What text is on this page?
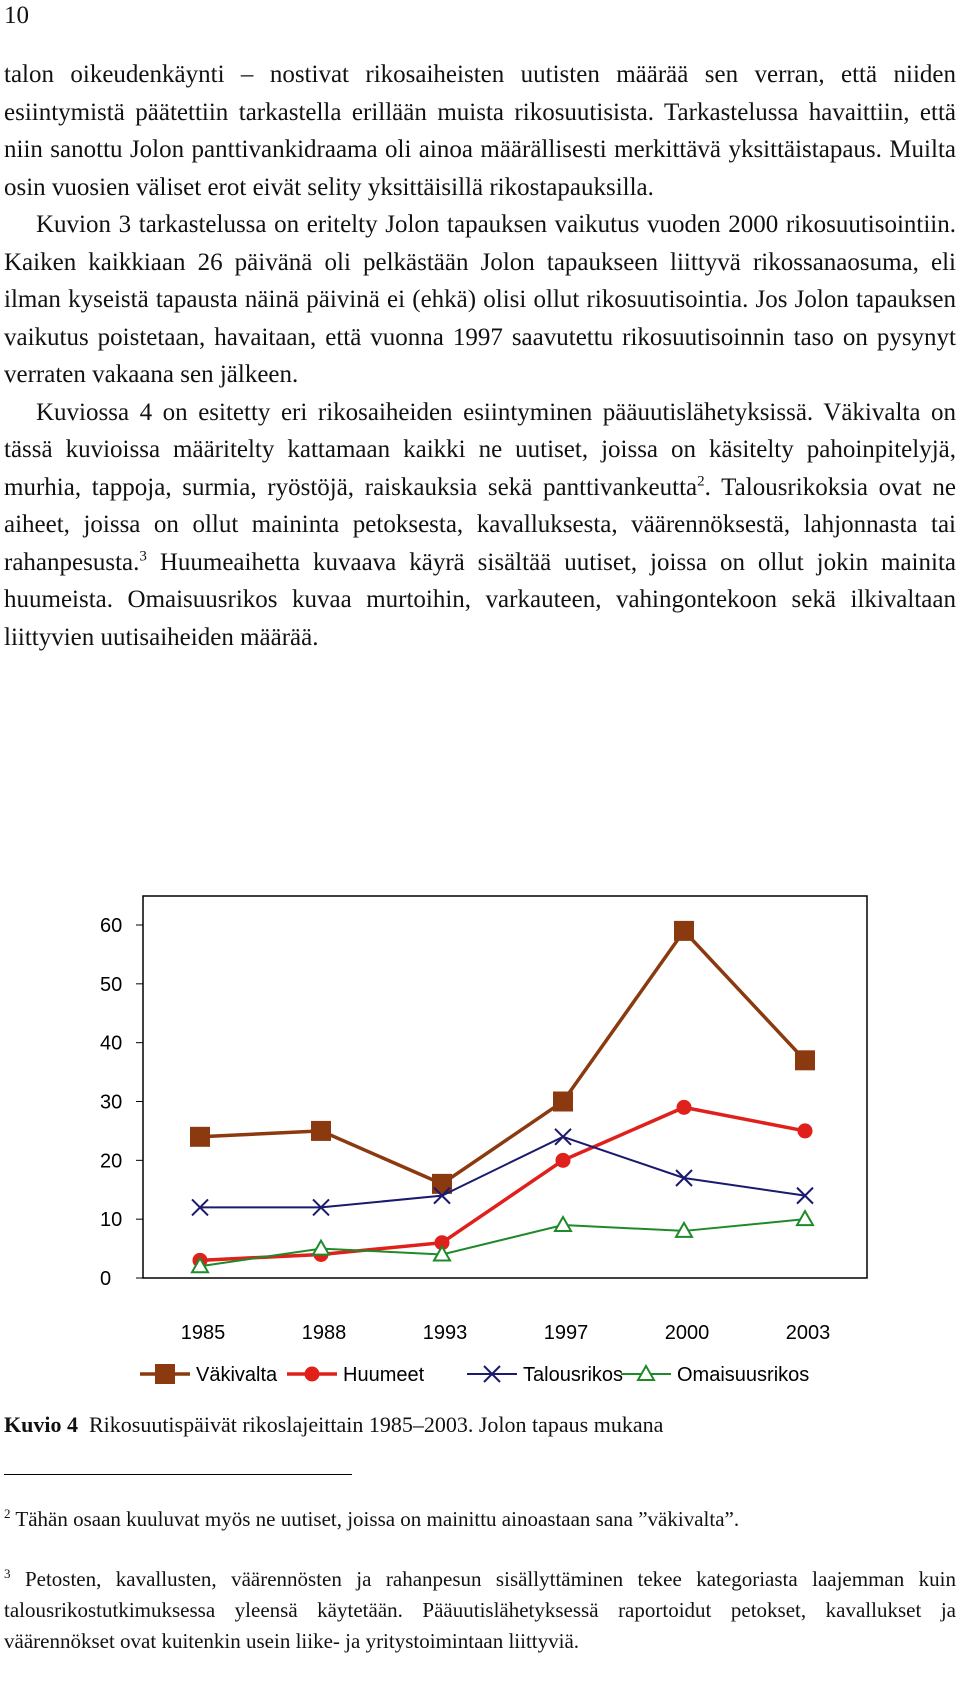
10

talon oikeudenkäynti – nostivat rikosaiheisten uutisten määrää sen verran, että niiden esiintymistä päätettiin tarkastella erillään muista rikosuutisista. Tarkastelussa havaittiin, että niin sanottu Jolon panttivankidraama oli ainoa määrällisesti merkittävä yksittäistapaus. Muilta osin vuosien väliset erot eivät selity yksittäisillä rikostapauksilla.

Kuvion 3 tarkastelussa on eritelty Jolon tapauksen vaikutus vuoden 2000 rikosuutisointiin. Kaiken kaikkiaan 26 päivänä oli pelkästään Jolon tapaukseen liittyvä rikossanaosuma, eli ilman kyseistä tapausta näinä päivinä ei (ehkä) olisi ollut rikosuutisointia. Jos Jolon tapauksen vaikutus poistetaan, havaitaan, että vuonna 1997 saavutettu rikosuutisoinnin taso on pysynyt verraten vakaana sen jälkeen.

Kuviossa 4 on esitetty eri rikosaiheiden esiintyminen pääuutislähetyksissä. Väkivalta on tässä kuvioissa määritelty kattamaan kaikki ne uutiset, joissa on käsitelty pahoinpitelyjä, murhia, tappoja, surmia, ryöstöjä, raiskauksia sekä panttivankeutta$^2$. Talousrikoksia ovat ne aiheet, joissa on ollut maininta petoksesta, kavalluksesta, väärennöksestä, lahjonnasta tai rahanpesusta.$^3$ Huumeaihetta kuvaava käyrä sisältää uutiset, joissa on ollut jokin mainita huumeista. Omaisuusrikos kuvaa murtoihin, varkauteen, vahingontekoon sekä ilkivaltaan liittyvien uutisaiheiden määrää.

0
10
20
30
40
50
60
1985	1988	1993	1997	2000	2003
Väkivalta	Huumeet	Talousrikos	Omaisuusrikos
Kuvio 4 Rikosuutispäivät rikoslajeittain 1985–2003. Jolon tapaus mukana
$^2$ Tähän osaan kuuluvat myös ne uutiset, joissa on mainittu ainoastaan sana ”väkivalta”.
$^3$ Petosten, kavallusten, väärennösten ja rahanpesun sisällyttäminen tekee kategoriasta laajemman kuin talousrikostutkimuksessa yleensä käytetään. Pääuutislähetyksessä raportoidut petokset, kavallukset ja väärennökset ovat kuitenkin usein liike- ja yritystoimintaan liittyviä.
